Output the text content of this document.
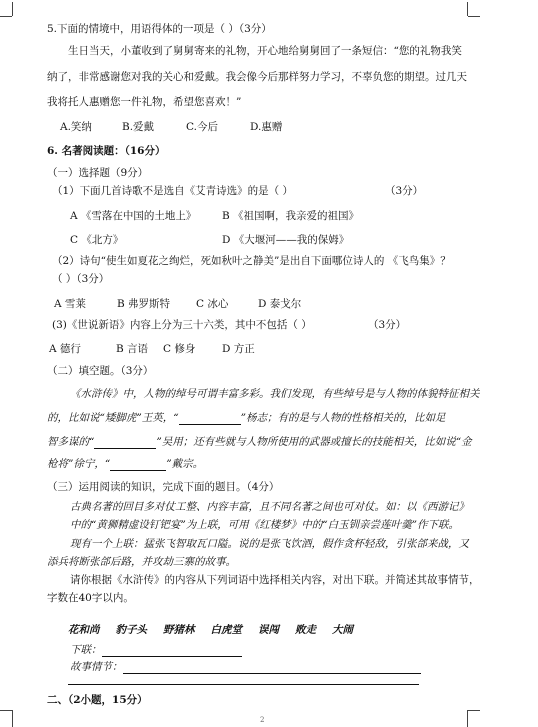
5.下面的情境中，用语得体的一项是（ ）（3分）
生日当天，小董收到了舅舅寄来的礼物，开心地给舅舅回了一条短信：“您的礼物我笑
纳了，非常感谢您对我的关心和爱戴。我会像今后那样努力学习，不辜负您的期望。过几天
我将托人惠赠您一件礼物，希望您喜欢！”
A.笑纳	B.爱戴	C.今后	D.惠赠
6. 名著阅读题：（16分）
（一）选择题（9分）
（1）下面几首诗歌不是选自《艾青诗选》的是（ ）	（3分）
A 《雪落在中国的土地上》 B 《祖国啊，我亲爱的祖国》
C 《北方》	D 《大堰河——我的保姆》
（2）诗句“使生如夏花之绚烂，死如秋叶之静美”是出自下面哪位诗人的 《飞鸟集》？
（ ）（3分）
A 雪莱	B 弗罗斯特 C 冰心	D 泰戈尔
(3)《世说新语》内容上分为三十六类，其中不包括（ ）	（3分）
A 德行	B 言语 C 修身	D 方正
（二）填空题。（3分）
《水浒传》中，人物的绰号可谓丰富多彩。我们发现，有些绰号是与人物的体貌特征相关
的，比如说“矮脚虎”王英，“	”杨志；有的是与人物的性格相关的，比如足
智多谋的“	”吴用；还有些就与人物所使用的武器或擅长的技能相关，比如说“金
枪将”徐宁，“	”戴宗。
（三）运用阅读的知识，完成下面的题目。（4分）
古典名著的回目多对仗工整、内容丰富，且不同名著之间也可对仗。如：以《西游记》
中的“黄狮精虚设钉钯宴”为上联，可用《红楼梦》中的“白玉钏亲尝莲叶羹”作下联。
现有一个上联：猛张飞智取瓦口隘。说的是张飞饮酒，假作贪杯轻敌，引张郃来战，又
添兵将断张郃后路，并攻劫三寨的故事。
请你根据《水浒传》的内容从下列词语中选择相关内容，对出下联。并简述其故事情节，
字数在40字以内。
花和尚 豹子头 野猪林 白虎堂 误闯 败走 大闹
下联：
故事情节：
二、（2小题，15分）
2
